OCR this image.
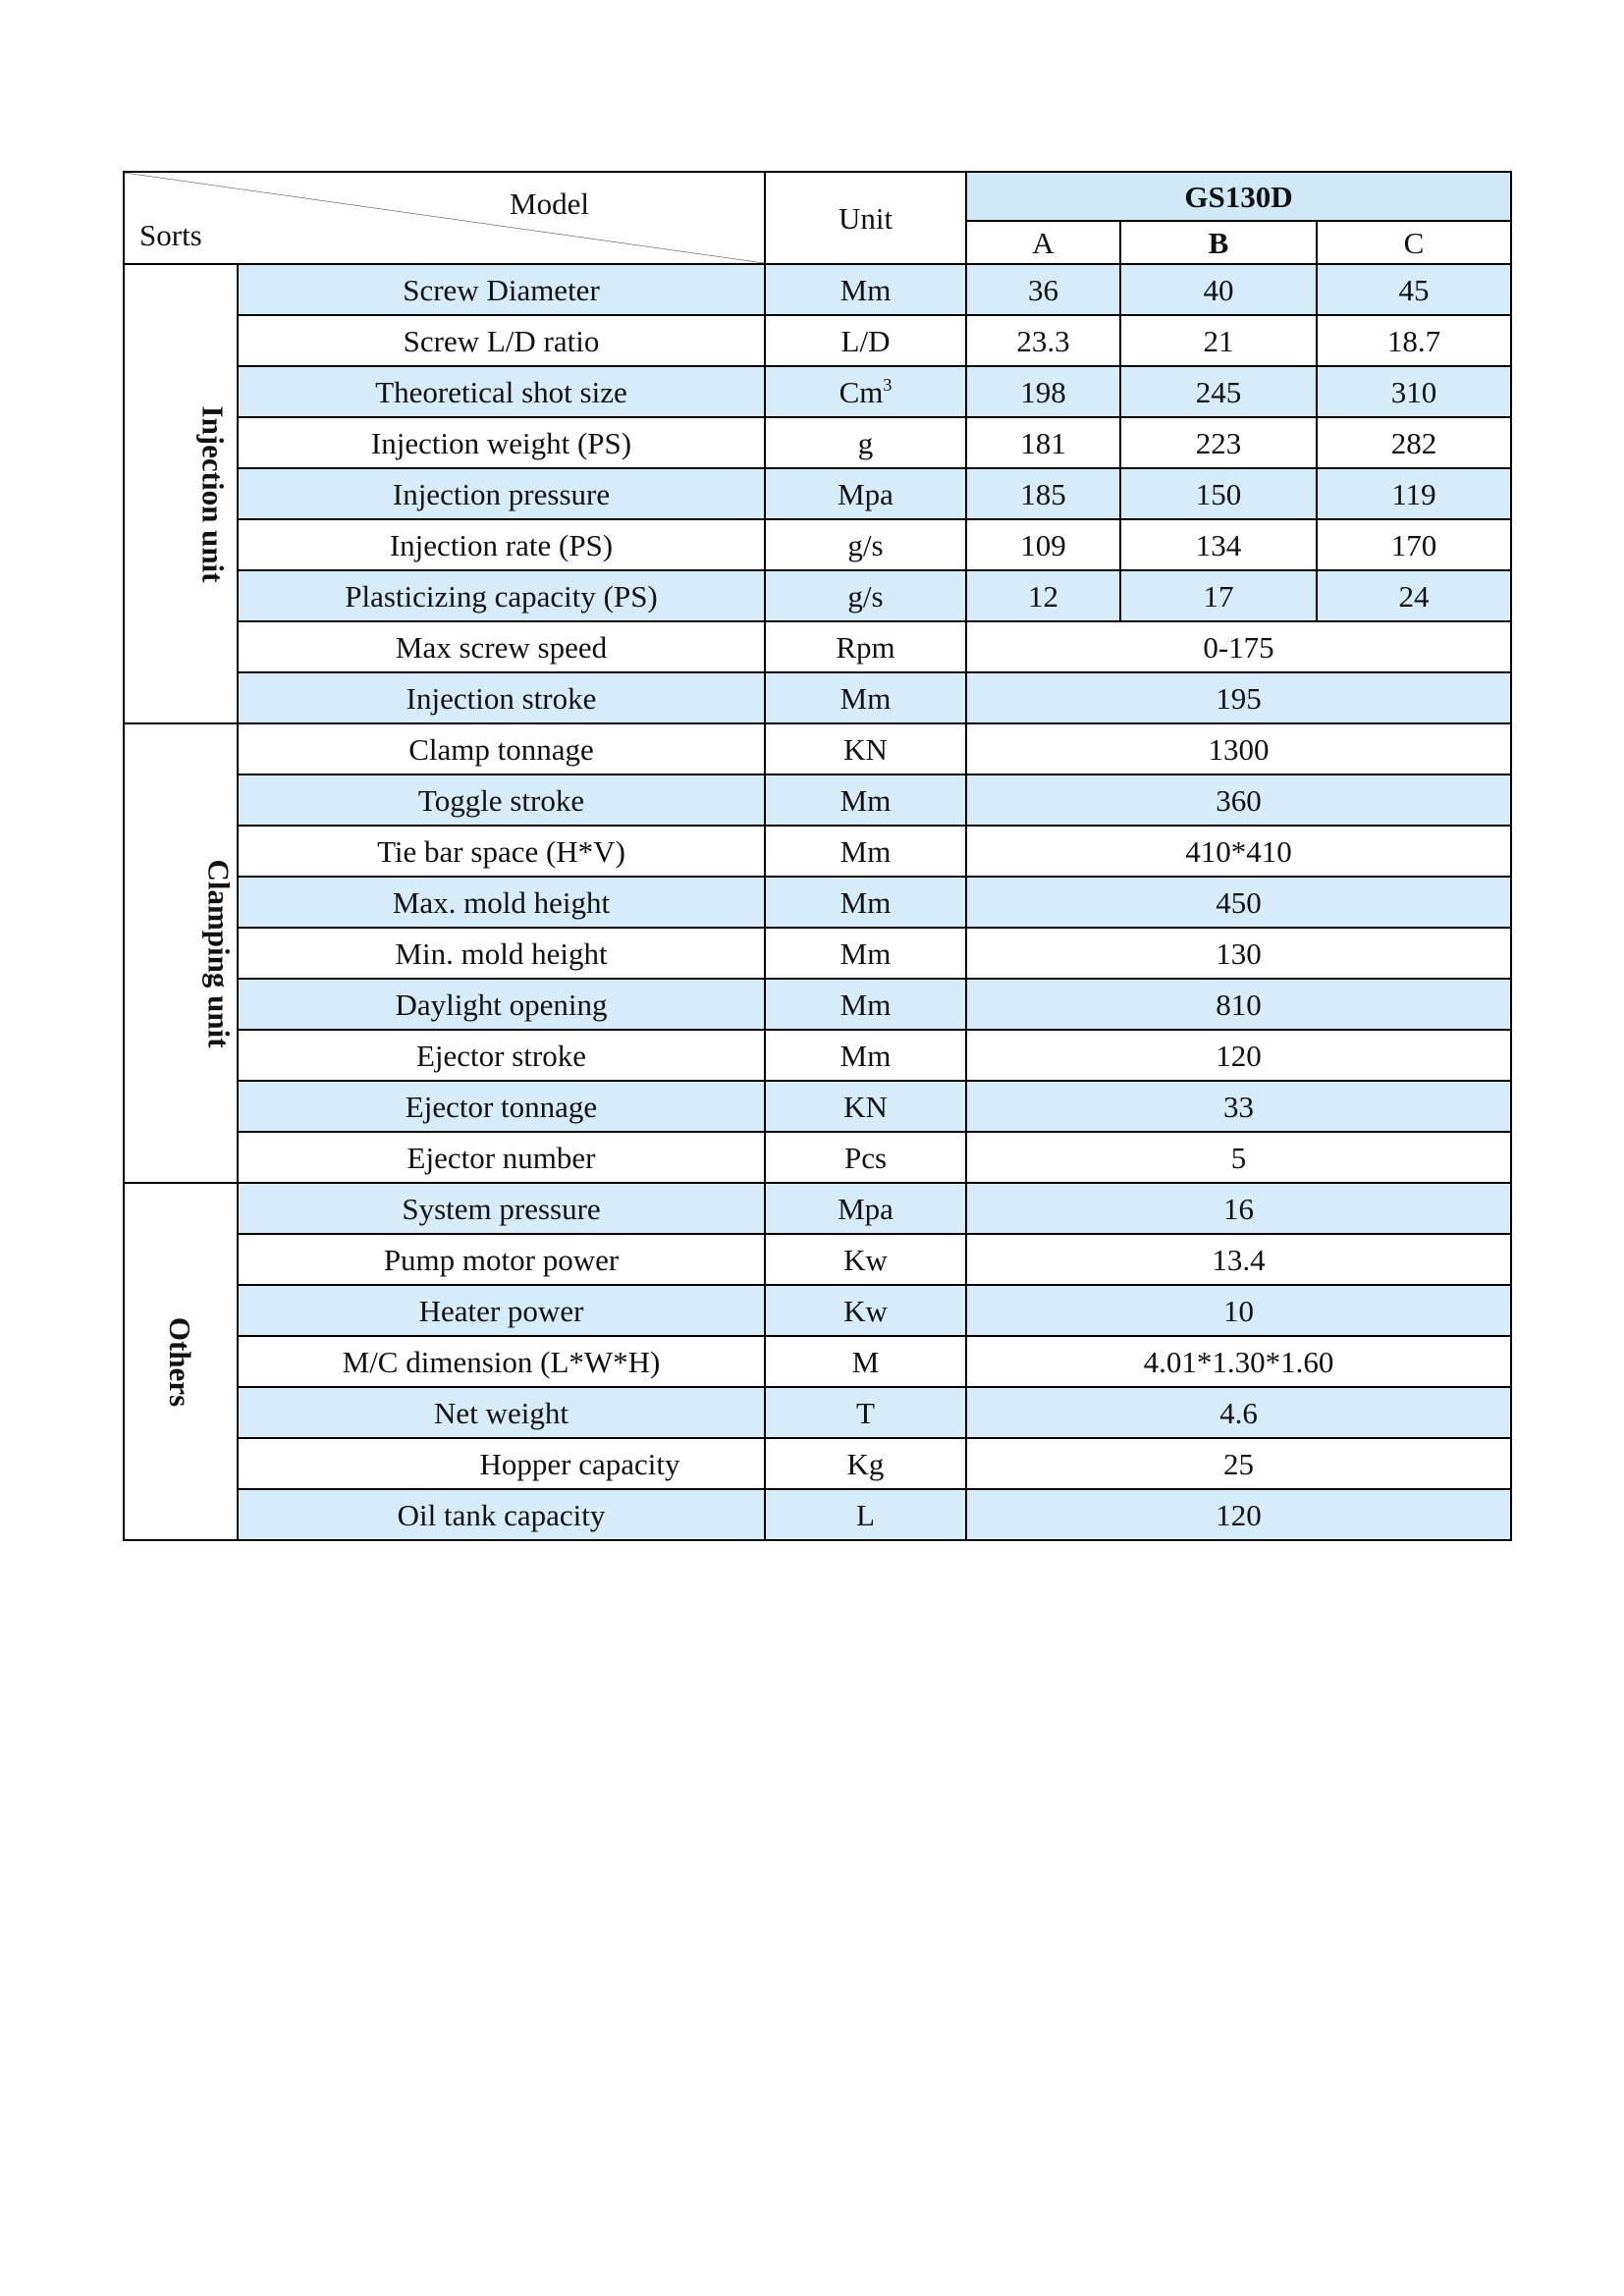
Model
Sorts		Unit	GS130D		
			A	B	C
Injection unit	Screw Diameter	Mm	36	40	45
	Screw L/D ratio	L/D	23.3	21	18.7
	Theoretical shot size	Cm$^3$	198	245	310
	Injection weight (PS)	g	181	223	282
	Injection pressure	Mpa	185	150	119
	Injection rate (PS)	g/s	109	134	170
	Plasticizing capacity (PS)	g/s	12	17	24
	Max screw speed	Rpm	0-175		
	Injection stroke	Mm	195		
Clamping unit	Clamp tonnage	KN	1300		
	Toggle stroke	Mm	360		
	Tie bar space (H*V)	Mm	410*410		
	Max. mold height	Mm	450		
	Min. mold height	Mm	130		
	Daylight opening	Mm	810		
	Ejector stroke	Mm	120		
	Ejector tonnage	KN	33		
	Ejector number	Pcs	5		
Others	System pressure	Mpa	16		
	Pump motor power	Kw	13.4		
	Heater power	Kw	10		
	M/C dimension (L*W*H)	M	4.01*1.30*1.60		
	Net weight	T	4.6		
	Hopper capacity	Kg	25		
	Oil tank capacity	L	120		
